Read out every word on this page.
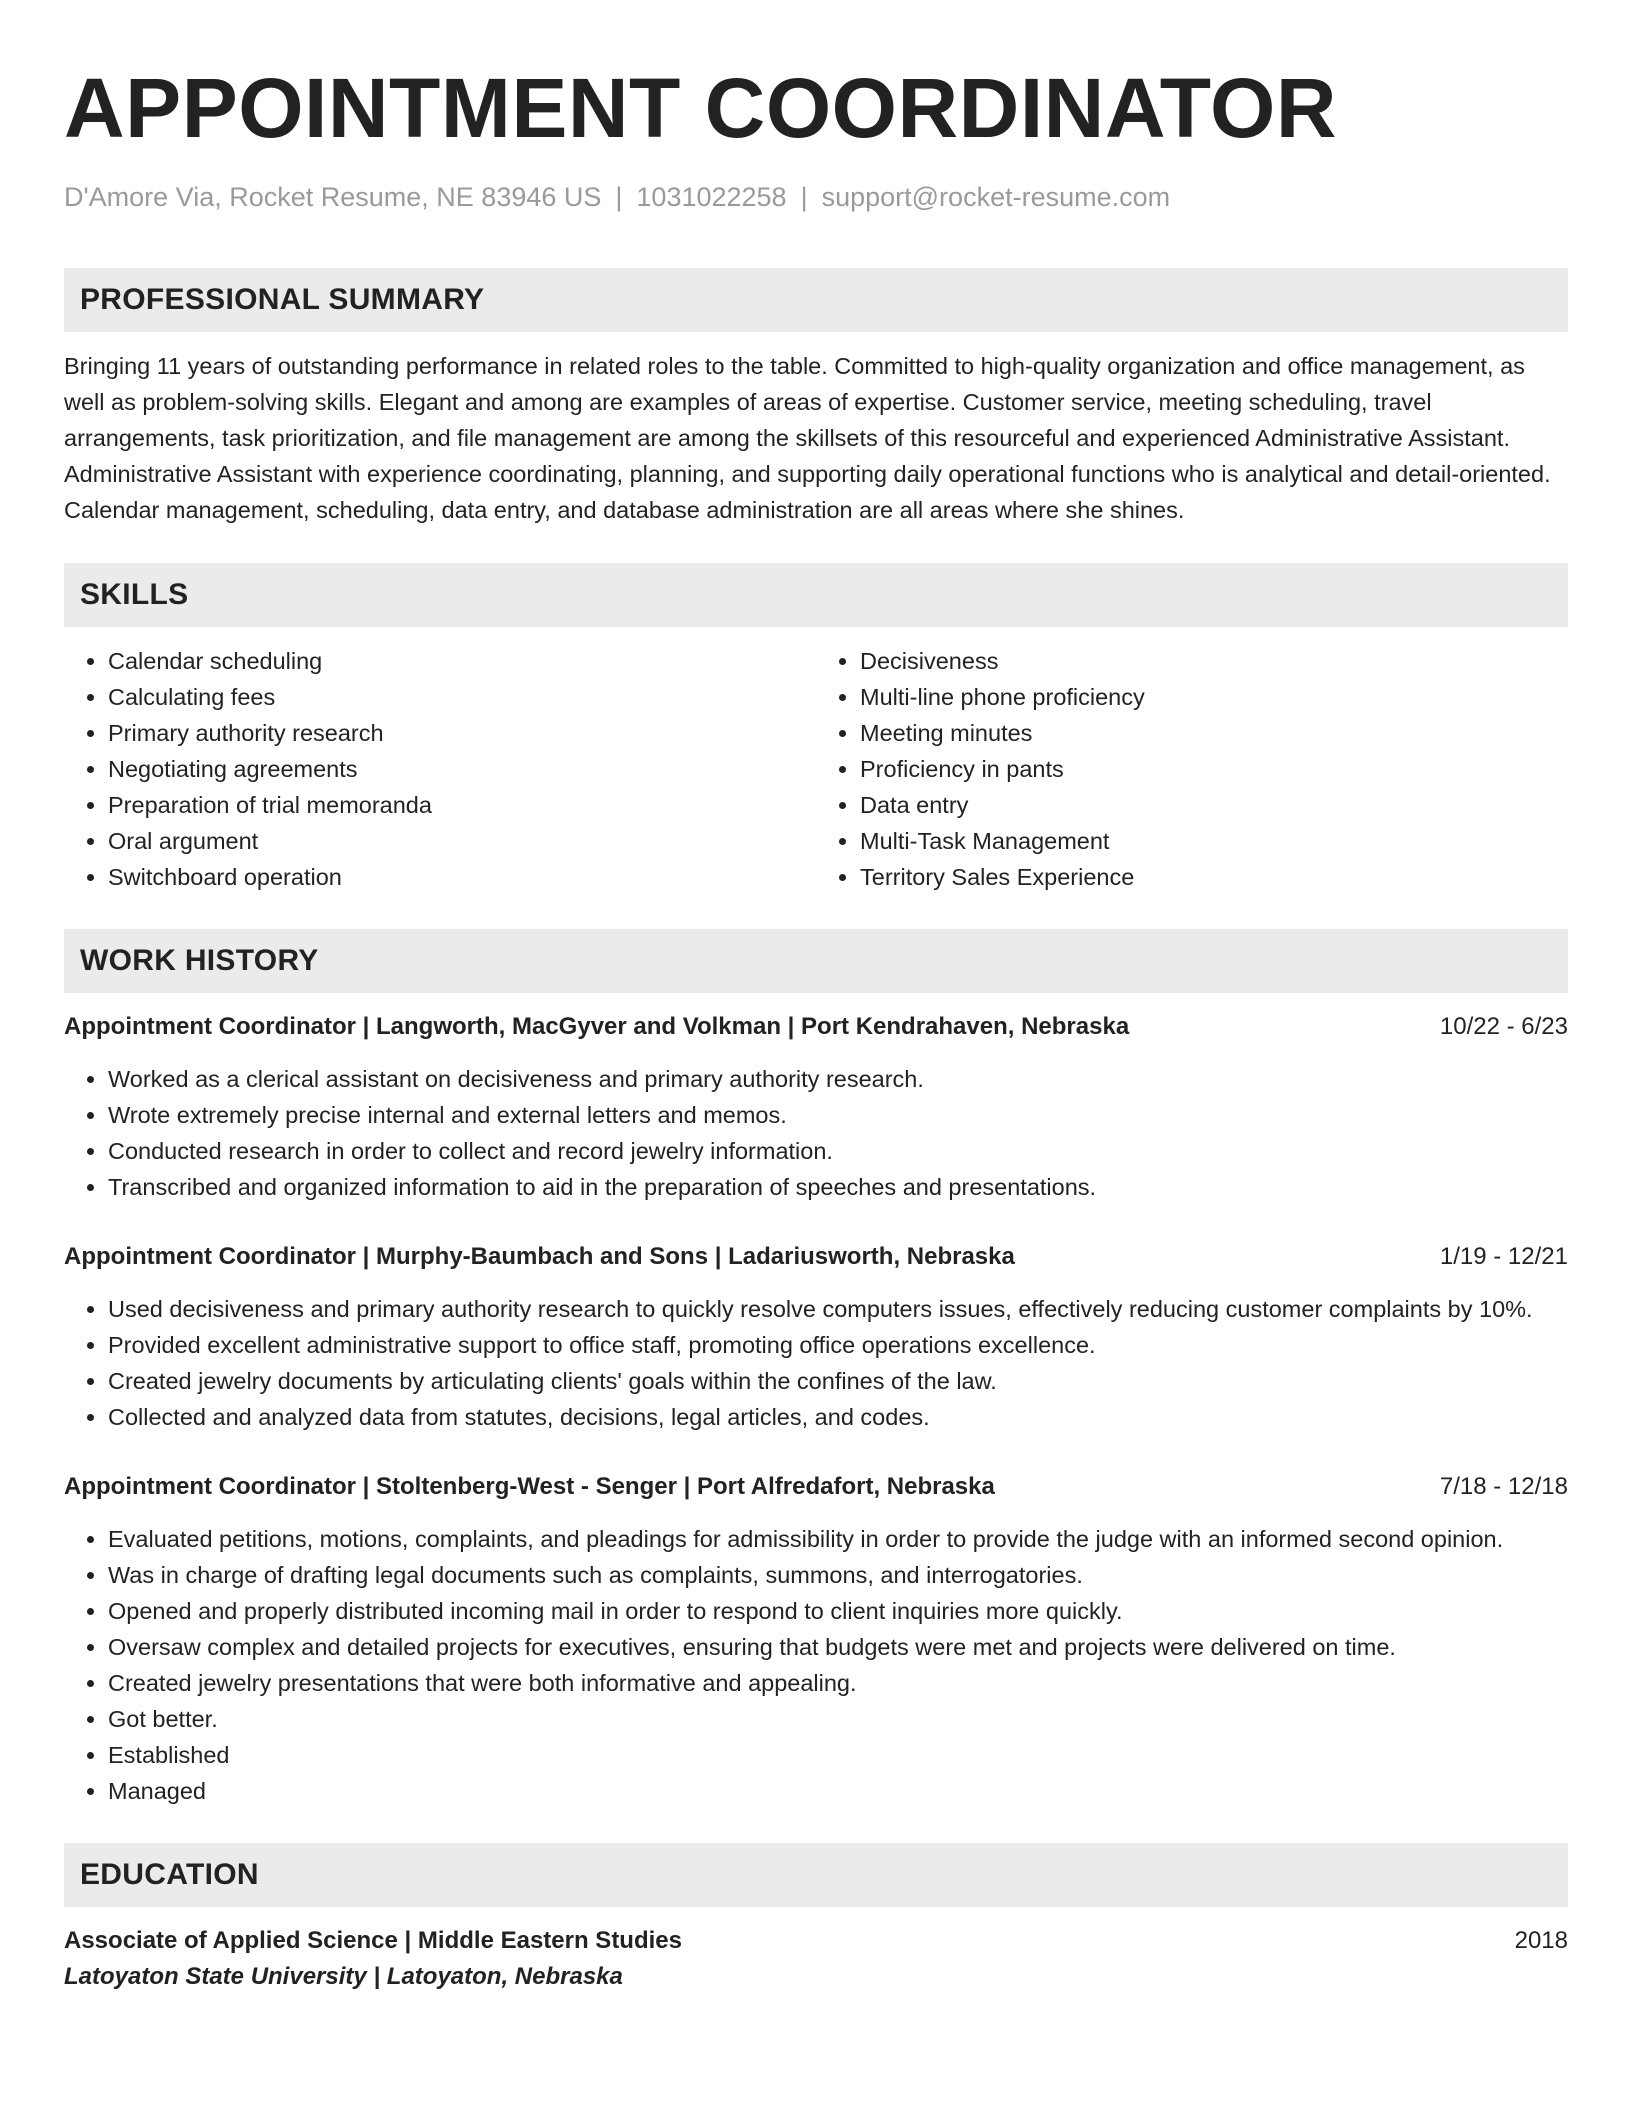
APPOINTMENT COORDINATOR
D'Amore Via, Rocket Resume, NE 83946 US | 1031022258 | support@rocket-resume.com
PROFESSIONAL SUMMARY
Bringing 11 years of outstanding performance in related roles to the table. Committed to high-quality organization and office management, as well as problem-solving skills. Elegant and among are examples of areas of expertise. Customer service, meeting scheduling, travel arrangements, task prioritization, and file management are among the skillsets of this resourceful and experienced Administrative Assistant. Administrative Assistant with experience coordinating, planning, and supporting daily operational functions who is analytical and detail-oriented. Calendar management, scheduling, data entry, and database administration are all areas where she shines.
SKILLS
• Calendar scheduling
• Calculating fees
• Primary authority research
• Negotiating agreements
• Preparation of trial memoranda
• Oral argument
• Switchboard operation
• Decisiveness
• Multi-line phone proficiency
• Meeting minutes
• Proficiency in pants
• Data entry
• Multi-Task Management
• Territory Sales Experience
WORK HISTORY
Appointment Coordinator | Langworth, MacGyver and Volkman | Port Kendrahaven, Nebraska	10/22 - 6/23
• Worked as a clerical assistant on decisiveness and primary authority research.
• Wrote extremely precise internal and external letters and memos.
• Conducted research in order to collect and record jewelry information.
• Transcribed and organized information to aid in the preparation of speeches and presentations.
Appointment Coordinator | Murphy-Baumbach and Sons | Ladariusworth, Nebraska	1/19 - 12/21
• Used decisiveness and primary authority research to quickly resolve computers issues, effectively reducing customer complaints by 10%.
• Provided excellent administrative support to office staff, promoting office operations excellence.
• Created jewelry documents by articulating clients' goals within the confines of the law.
• Collected and analyzed data from statutes, decisions, legal articles, and codes.
Appointment Coordinator | Stoltenberg-West - Senger | Port Alfredafort, Nebraska	7/18 - 12/18
• Evaluated petitions, motions, complaints, and pleadings for admissibility in order to provide the judge with an informed second opinion.
• Was in charge of drafting legal documents such as complaints, summons, and interrogatories.
• Opened and properly distributed incoming mail in order to respond to client inquiries more quickly.
• Oversaw complex and detailed projects for executives, ensuring that budgets were met and projects were delivered on time.
• Created jewelry presentations that were both informative and appealing.
• Got better.
• Established
• Managed
EDUCATION
Associate of Applied Science | Middle Eastern Studies	2018
Latoyaton State University | Latoyaton, Nebraska
